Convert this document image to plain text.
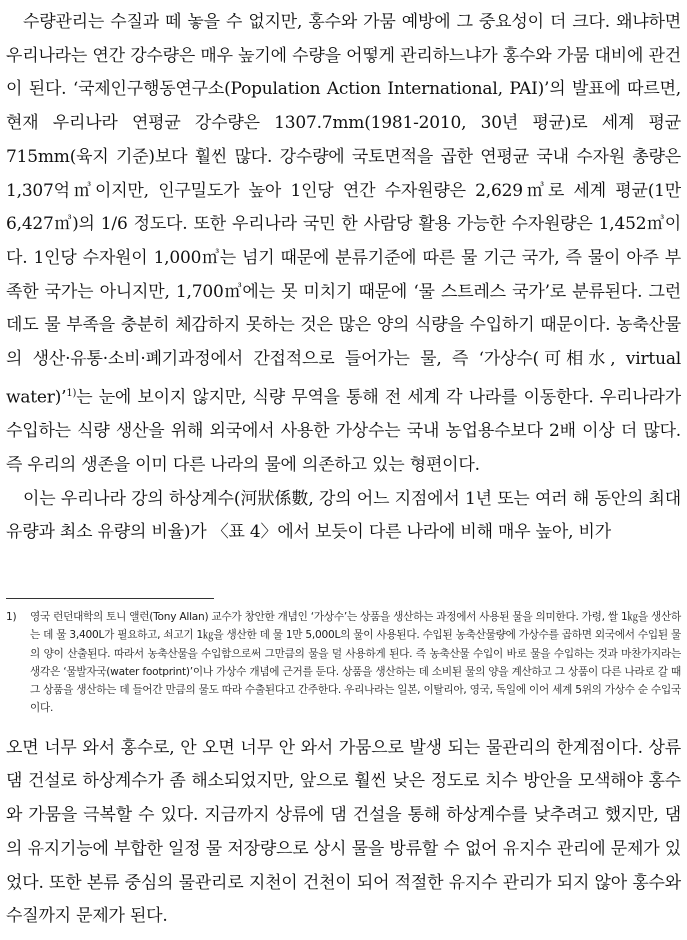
수량관리는 수질과 떼 놓을 수 없지만, 홍수와 가뭄 예방에 그 중요성이 더 크다. 왜냐하면 우리나라는 연간 강수량은 매우 높기에 수량을 어떻게 관리하느냐가 홍수와 가뭄 대비에 관건이 된다. ‘국제인구행동연구소(Population Action International, PAI)’의 발표에 따르면, 현재 우리나라 연평균 강수량은 1307.7mm(1981-2010, 30년 평균)로 세계 평균 715mm(육지 기준)보다 훨씬 많다. 강수량에 국토면적을 곱한 연평균 국내 수자원 총량은 1,307억㎥이지만, 인구밀도가 높아 1인당 연간 수자원량은 2,629㎥로 세계 평균(1만 6,427㎥)의 1/6 정도다. 또한 우리나라 국민 한 사람당 활용 가능한 수자원량은 1,452㎥이다. 1인당 수자원이 1,000㎥는 넘기 때문에 분류기준에 따른 물 기근 국가, 즉 물이 아주 부족한 국가는 아니지만, 1,700㎥에는 못 미치기 때문에 ‘물 스트레스 국가’로 분류된다. 그런데도 물 부족을 충분히 체감하지 못하는 것은 많은 양의 식량을 수입하기 때문이다. 농축산물의 생산·유통·소비·폐기과정에서 간접적으로 들어가는 물, 즉 ‘가상수(可相水, virtual water)’$^{1)}$는 눈에 보이지 않지만, 식량 무역을 통해 전 세계 각 나라를 이동한다. 우리나라가 수입하는 식량 생산을 위해 외국에서 사용한 가상수는 국내 농업용수보다 2배 이상 더 많다. 즉 우리의 생존을 이미 다른 나라의 물에 의존하고 있는 형편이다.

이는 우리나라 강의 하상계수(河狀係數, 강의 어느 지점에서 1년 또는 여러 해 동안의 최대 유량과 최소 유량의 비율)가 〈표 4〉에서 보듯이 다른 나라에 비해 매우 높아, 비가

1) 영국 런던대학의 토니 앨런(Tony Allan) 교수가 창안한 개념인 ‘가상수’는 상품을 생산하는 과정에서 사용된 물을 의미한다. 가령, 쌀 1㎏을 생산하는 데 물 3,400L가 필요하고, 쇠고기 1㎏을 생산한 데 물 1만 5,000L의 물이 사용된다. 수입된 농축산물량에 가상수를 곱하면 외국에서 수입된 물의 양이 산출된다. 따라서 농축산물을 수입함으로써 그만큼의 물을 덜 사용하게 된다. 즉 농축산물 수입이 바로 물을 수입하는 것과 마찬가지라는 생각은 ‘물발자국(water footprint)’이나 가상수 개념에 근거를 둔다. 상품을 생산하는 데 소비된 물의 양을 계산하고 그 상품이 다른 나라로 갈 때 그 상품을 생산하는 데 들어간 만큼의 물도 따라 수출된다고 간주한다. 우리나라는 일본, 이탈리아, 영국, 독일에 이어 세계 5위의 가상수 순 수입국이다.

오면 너무 와서 홍수로, 안 오면 너무 안 와서 가뭄으로 발생 되는 물관리의 한계점이다. 상류 댐 건설로 하상계수가 좀 해소되었지만, 앞으로 훨씬 낮은 정도로 치수 방안을 모색해야 홍수와 가뭄을 극복할 수 있다. 지금까지 상류에 댐 건설을 통해 하상계수를 낮추려고 했지만, 댐의 유지기능에 부합한 일정 물 저장량으로 상시 물을 방류할 수 없어 유지수 관리에 문제가 있었다. 또한 본류 중심의 물관리로 지천이 건천이 되어 적절한 유지수 관리가 되지 않아 홍수와 수질까지 문제가 된다.
